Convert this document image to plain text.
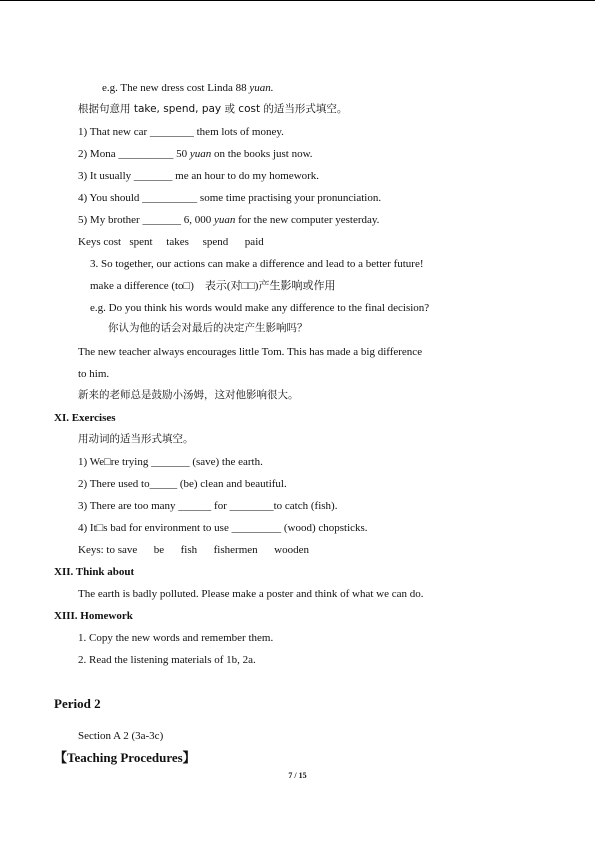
e.g. The new dress cost Linda 88 yuan.
根据句意用 take, spend, pay 或 cost 的适当形式填空。
1) That new car ________ them lots of money.
2) Mona __________ 50 yuan on the books just now.
3) It usually _______ me an hour to do my homework.
4) You should __________ some time practising your pronunciation.
5) My brother _______ 6, 000 yuan for the new computer yesterday.
Keys cost   spent     takes     spend      paid
3. So together, our actions can make a difference and lead to a better future!
make a difference (to□)    表示(对□□)产生影响或作用
e.g. Do you think his words would make any difference to the final decision?
你认为他的话会对最后的决定产生影响吗？
The new teacher always encourages little Tom. This has made a big difference
to him.
新来的老师总是鼓励小汤姆，这对他影响很大。
XI. Exercises
用动词的适当形式填空。
1) We□re trying _______ (save) the earth.
2) There used to_____ (be) clean and beautiful.
3) There are too many ______ for ________to catch (fish).
4) It□s bad for environment to use _________ (wood) chopsticks.
Keys: to save      be      fish      fishermen      wooden
XII. Think about
The earth is badly polluted. Please make a poster and think of what we can do.
XIII. Homework
1. Copy the new words and remember them.
2. Read the listening materials of 1b, 2a.
Period 2
Section A 2 (3a-3c)
【Teaching Procedures】
7 / 15
